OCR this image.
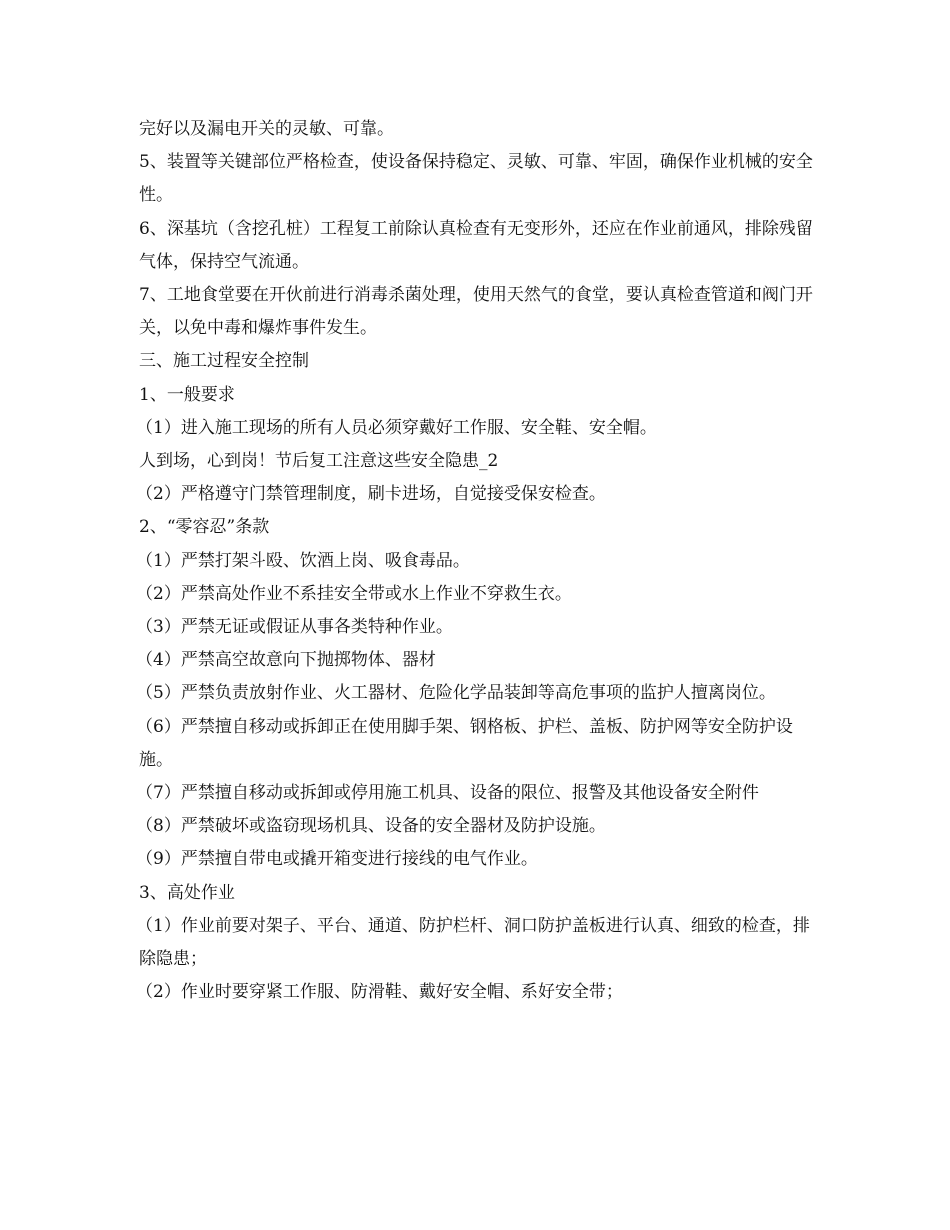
完好以及漏电开关的灵敏、可靠。

5、装置等关键部位严格检查，使设备保持稳定、灵敏、可靠、牢固，确保作业机械的安全性。

6、深基坑（含挖孔桩）工程复工前除认真检查有无变形外，还应在作业前通风，排除残留气体，保持空气流通。

7、工地食堂要在开伙前进行消毒杀菌处理，使用天然气的食堂，要认真检查管道和阀门开关，以免中毒和爆炸事件发生。

三、施工过程安全控制

1、一般要求

（1）进入施工现场的所有人员必须穿戴好工作服、安全鞋、安全帽。

人到场，心到岗！节后复工注意这些安全隐患_2

（2）严格遵守门禁管理制度，刷卡进场，自觉接受保安检查。

2、“零容忍”条款

（1）严禁打架斗殴、饮酒上岗、吸食毒品。

（2）严禁高处作业不系挂安全带或水上作业不穿救生衣。

（3）严禁无证或假证从事各类特种作业。

（4）严禁高空故意向下抛掷物体、器材

（5）严禁负责放射作业、火工器材、危险化学品装卸等高危事项的监护人擅离岗位。

（6）严禁擅自移动或拆卸正在使用脚手架、钢格板、护栏、盖板、防护网等安全防护设施。

（7）严禁擅自移动或拆卸或停用施工机具、设备的限位、报警及其他设备安全附件

（8）严禁破坏或盗窃现场机具、设备的安全器材及防护设施。

（9）严禁擅自带电或撬开箱变进行接线的电气作业。

3、高处作业

（1）作业前要对架子、平台、通道、防护栏杆、洞口防护盖板进行认真、细致的检查，排除隐患；

（2）作业时要穿紧工作服、防滑鞋、戴好安全帽、系好安全带；
